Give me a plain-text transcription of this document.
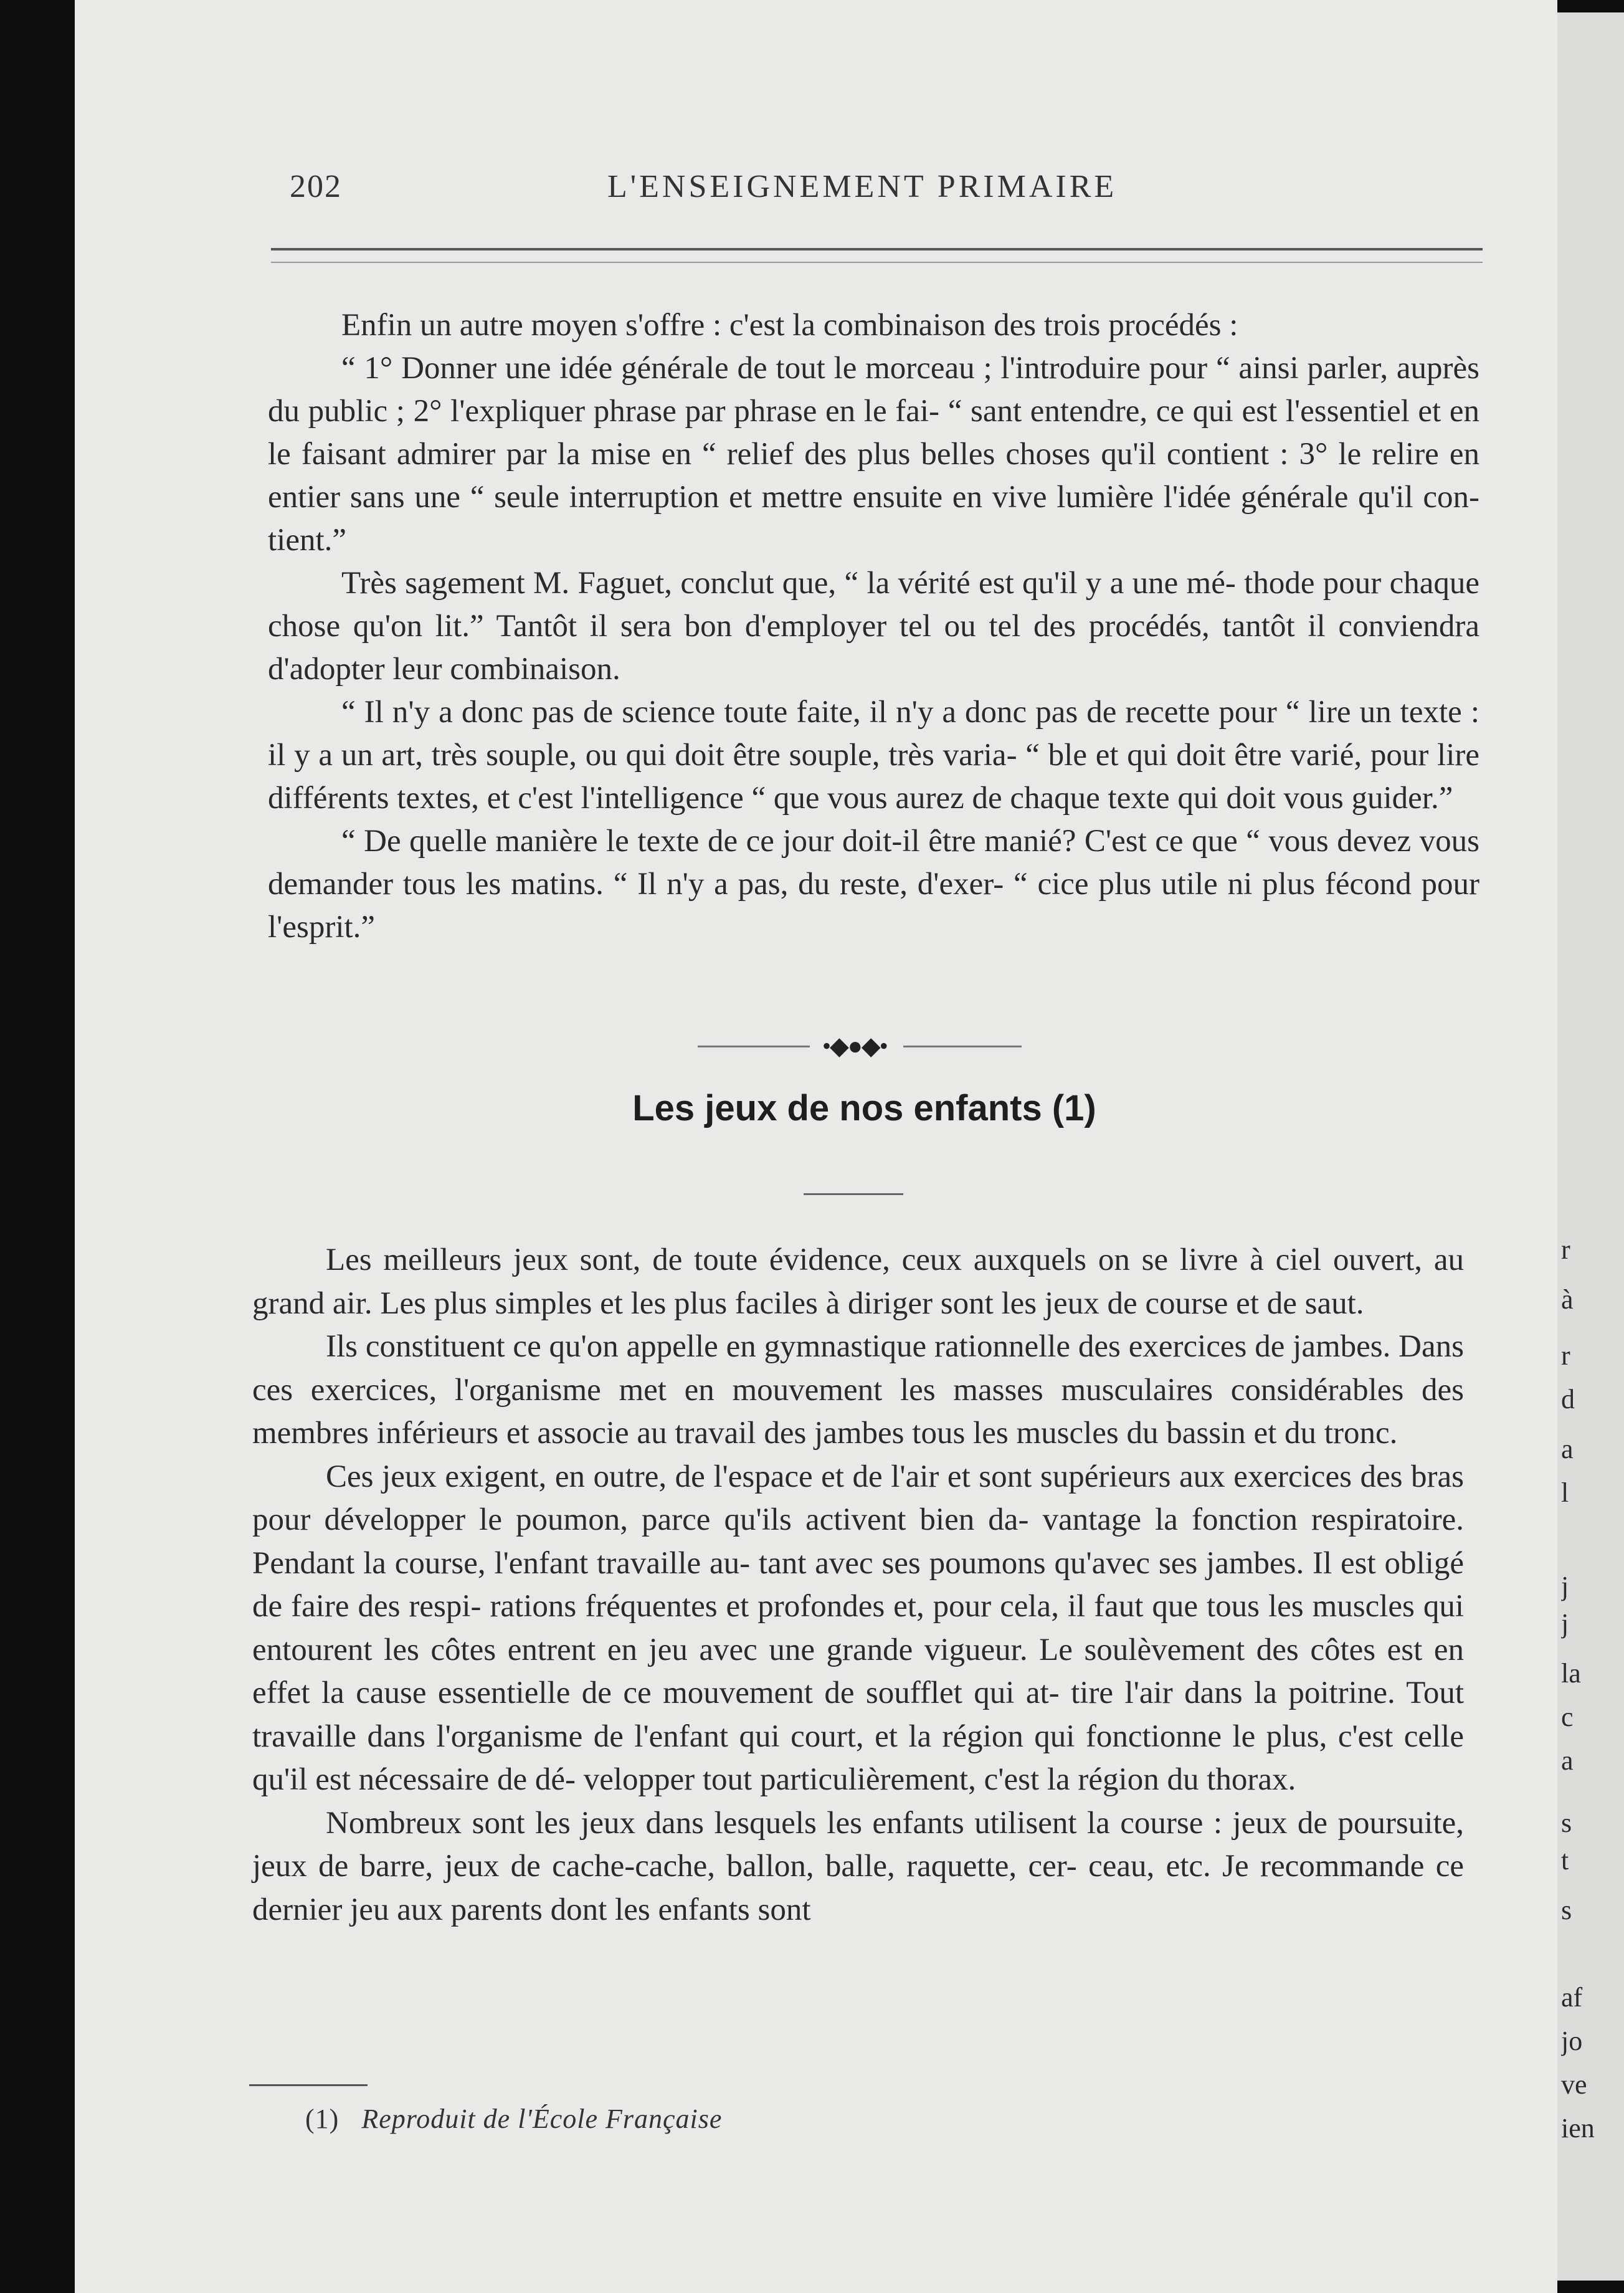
r
à
r
d
a
l
j
j
la
c
a
s
t
s
af
jo
ve
ien
202	L'ENSEIGNEMENT PRIMAIRE

Enfin un autre moyen s'offre : c'est la combinaison des trois procédés :

“ 1° Donner une idée générale de tout le morceau ; l'introduire pour “ ainsi parler, auprès du public ; 2° l'expliquer phrase par phrase en le fai- “ sant entendre, ce qui est l'essentiel et en le faisant admirer par la mise en “ relief des plus belles choses qu'il contient : 3° le relire en entier sans une “ seule interruption et mettre ensuite en vive lumière l'idée générale qu'il con- tient.”

Très sagement M. Faguet, conclut que, “ la vérité est qu'il y a une mé- thode pour chaque chose qu'on lit.” Tantôt il sera bon d'employer tel ou tel des procédés, tantôt il conviendra d'adopter leur combinaison.

“ Il n'y a donc pas de science toute faite, il n'y a donc pas de recette pour “ lire un texte : il y a un art, très souple, ou qui doit être souple, très varia- “ ble et qui doit être varié, pour lire différents textes, et c'est l'intelligence “ que vous aurez de chaque texte qui doit vous guider.”

“ De quelle manière le texte de ce jour doit-il être manié? C'est ce que “ vous devez vous demander tous les matins. “ Il n'y a pas, du reste, d'exer- “ cice plus utile ni plus fécond pour l'esprit.”

•◆●◆•
Les jeux de nos enfants (1)

Les meilleurs jeux sont, de toute évidence, ceux auxquels on se livre à ciel ouvert, au grand air. Les plus simples et les plus faciles à diriger sont les jeux de course et de saut.

Ils constituent ce qu'on appelle en gymnastique rationnelle des exercices de jambes. Dans ces exercices, l'organisme met en mouvement les masses musculaires considérables des membres inférieurs et associe au travail des jambes tous les muscles du bassin et du tronc.

Ces jeux exigent, en outre, de l'espace et de l'air et sont supérieurs aux exercices des bras pour développer le poumon, parce qu'ils activent bien da- vantage la fonction respiratoire. Pendant la course, l'enfant travaille au- tant avec ses poumons qu'avec ses jambes. Il est obligé de faire des respi- rations fréquentes et profondes et, pour cela, il faut que tous les muscles qui entourent les côtes entrent en jeu avec une grande vigueur. Le soulèvement des côtes est en effet la cause essentielle de ce mouvement de soufflet qui at- tire l'air dans la poitrine. Tout travaille dans l'organisme de l'enfant qui court, et la région qui fonctionne le plus, c'est celle qu'il est nécessaire de dé- velopper tout particulièrement, c'est la région du thorax.

Nombreux sont les jeux dans lesquels les enfants utilisent la course : jeux de poursuite, jeux de barre, jeux de cache-cache, ballon, balle, raquette, cer- ceau, etc. Je recommande ce dernier jeu aux parents dont les enfants sont

(1) Reproduit de l'École Française
